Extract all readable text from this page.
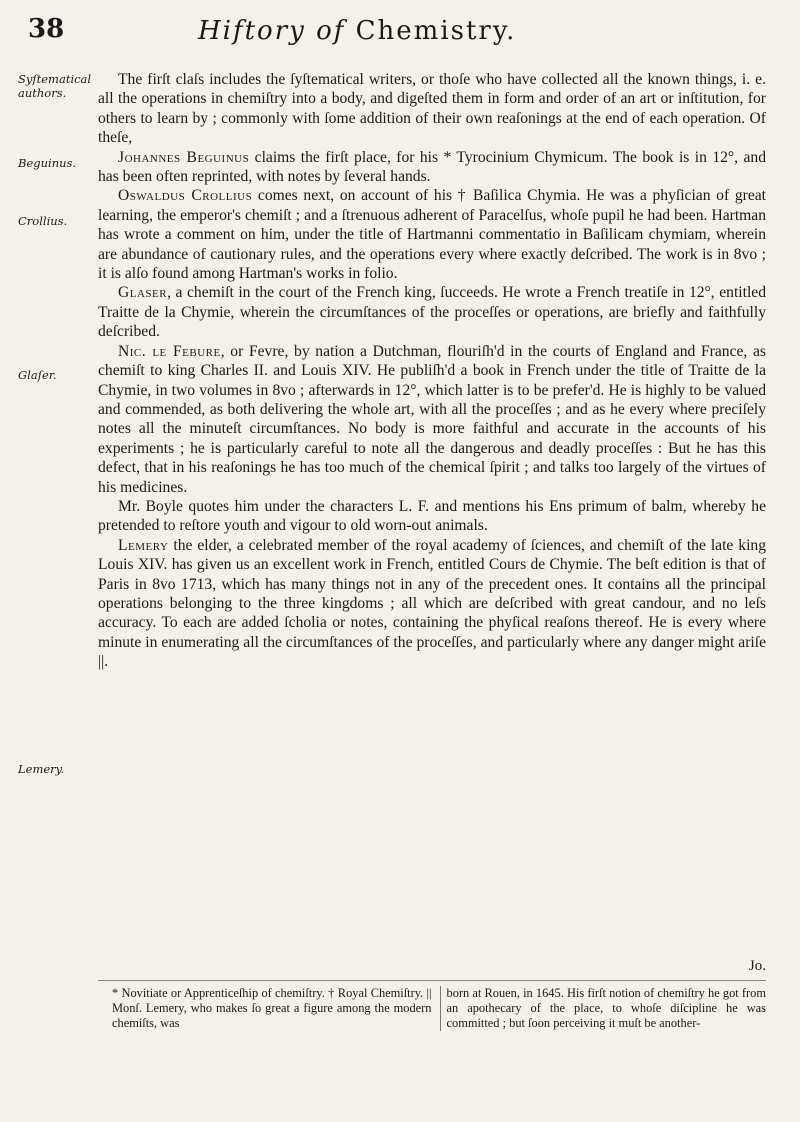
38	Hiftory of Chemistry.
Syſtematical authors.
Beguinus.
Crollius.
Glaſer.
Lemery.

The firſt claſs includes the ſyſtematical writers, or thoſe who have collected all the known things, i. e. all the operations in chemiſtry into a body, and digeſted them in form and order of an art or inſtitution, for others to learn by ; commonly with ſome addition of their own reaſonings at the end of each operation. Of theſe,

Johannes Beguinus claims the firſt place, for his * Tyrocinium Chymicum. The book is in 12°, and has been often reprinted, with notes by ſeveral hands.

Oswaldus Crollius comes next, on account of his † Baſilica Chymia. He was a phyſician of great learning, the emperor's chemiſt ; and a ſtrenuous adherent of Paracelſus, whoſe pupil he had been. Hartman has wrote a comment on him, under the title of Hartmanni commentatio in Baſilicam chymiam, wherein are abundance of cautionary rules, and the operations every where exactly deſcribed. The work is in 8vo ; it is alſo found among Hartman's works in folio.

Glaser, a chemiſt in the court of the French king, ſucceeds. He wrote a French treatiſe in 12°, entitled Traitte de la Chymie, wherein the circumſtances of the proceſſes or operations, are briefly and faithfully deſcribed.

Nic. le Febure, or Fevre, by nation a Dutchman, flouriſh'd in the courts of England and France, as chemiſt to king Charles II. and Louis XIV. He publiſh'd a book in French under the title of Traitte de la Chymie, in two volumes in 8vo ; afterwards in 12°, which latter is to be prefer'd. He is highly to be valued and commended, as both delivering the whole art, with all the proceſſes ; and as he every where preciſely notes all the minuteſt circumſtances. No body is more faithful and accurate in the accounts of his experiments ; he is particularly careful to note all the dangerous and deadly proceſſes : But he has this defect, that in his reaſonings he has too much of the chemical ſpirit ; and talks too largely of the virtues of his medicines.

Mr. Boyle quotes him under the characters L. F. and mentions his Ens primum of balm, whereby he pretended to reſtore youth and vigour to old worn-out animals.

Lemery the elder, a celebrated member of the royal academy of ſciences, and chemiſt of the late king Louis XIV. has given us an excellent work in French, entitled Cours de Chymie. The beſt edition is that of Paris in 8vo 1713, which has many things not in any of the precedent ones. It contains all the principal operations belonging to the three kingdoms ; all which are deſcribed with great candour, and no leſs accuracy. To each are added ſcholia or notes, containing the phyſical reaſons thereof. He is every where minute in enumerating all the circumſtances of the proceſſes, and particularly where any danger might ariſe ||.

Jo.

* Novitiate or Apprenticeſhip of chemiſtry. † Royal Chemiſtry. || Monſ. Lemery, who makes ſo great a figure among the modern chemiſts, was

born at Rouen, in 1645. His firſt notion of chemiſtry he got from an apothecary of the place, to whoſe diſcipline he was committed ; but ſoon perceiving it muſt be another-
